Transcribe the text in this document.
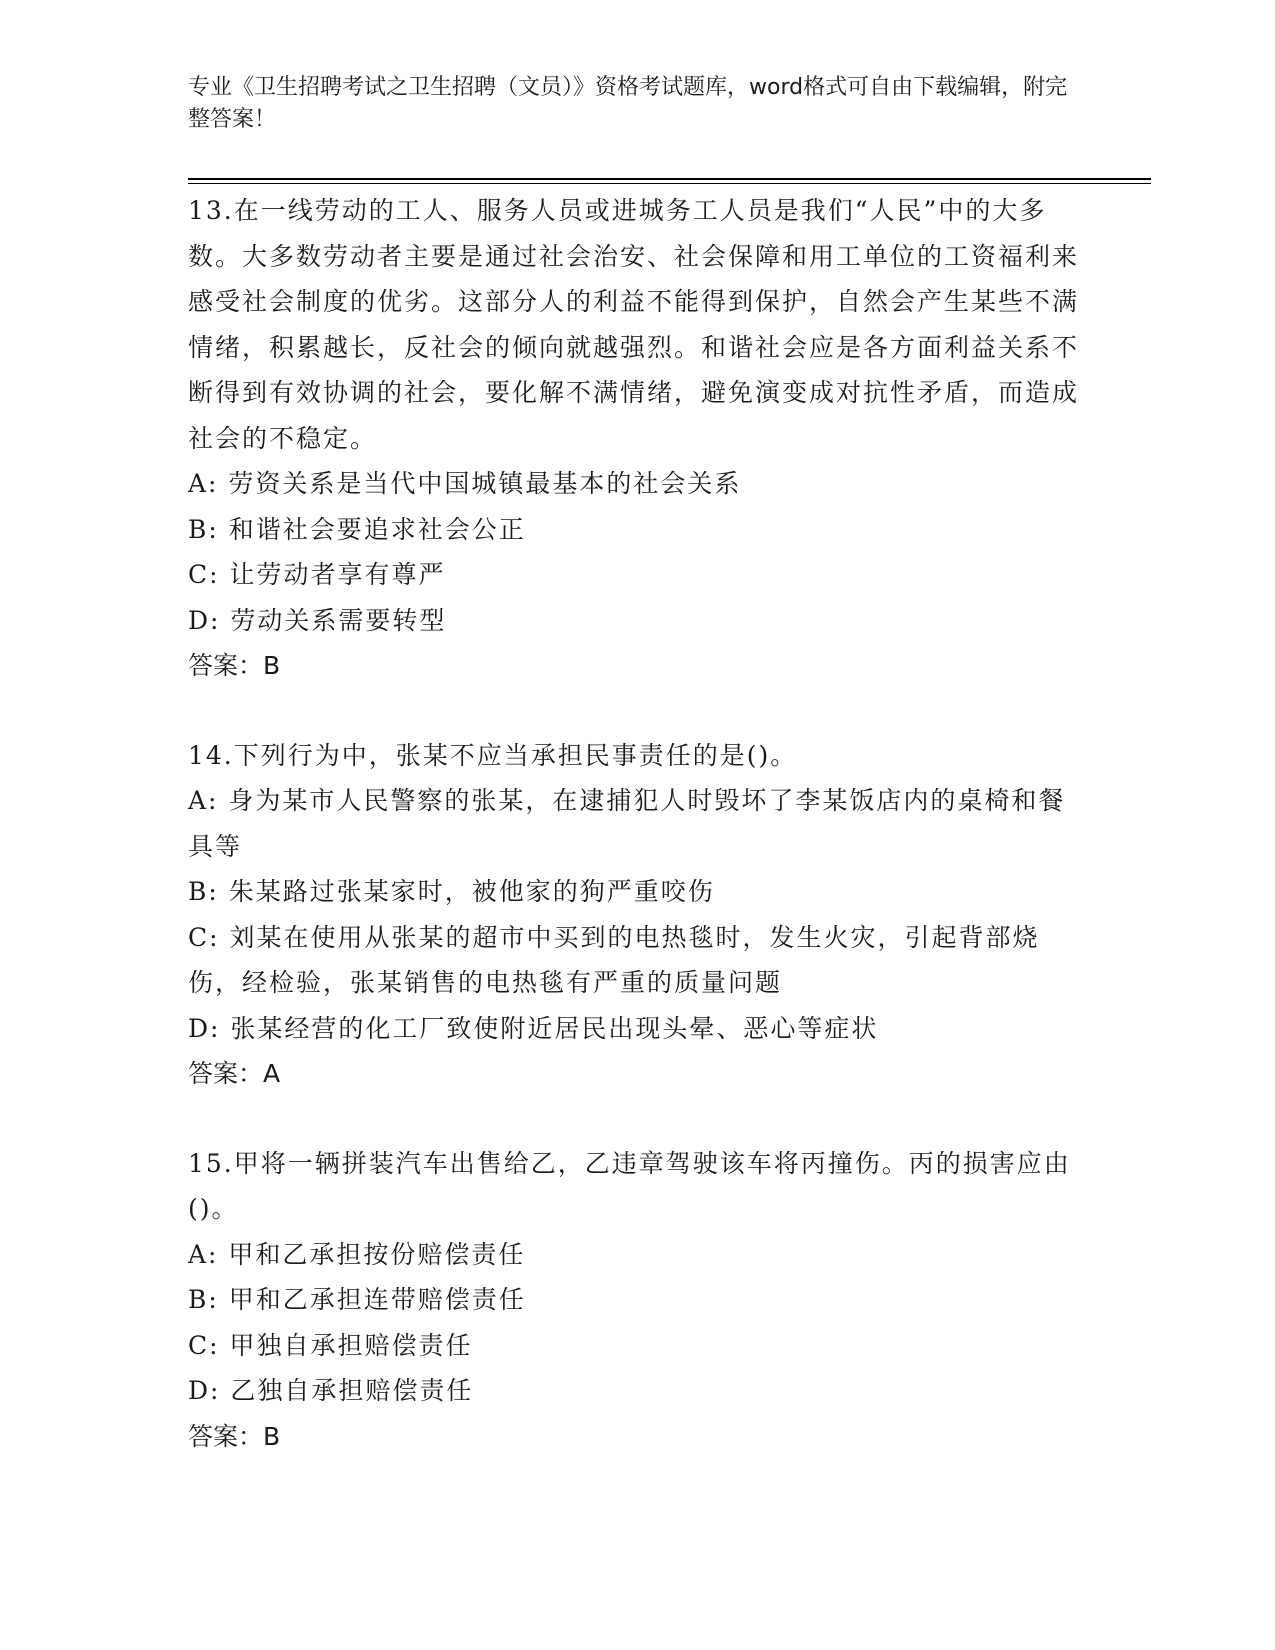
专业《卫生招聘考试之卫生招聘（文员）》资格考试题库，word格式可自由下载编辑，附完整答案！

13.在一线劳动的工人、服务人员或进城务工人员是我们“人民”中的大多数。大多数劳动者主要是通过社会治安、社会保障和用工单位的工资福利来感受社会制度的优劣。这部分人的利益不能得到保护，自然会产生某些不满情绪，积累越长，反社会的倾向就越强烈。和谐社会应是各方面利益关系不断得到有效协调的社会，要化解不满情绪，避免演变成对抗性矛盾，而造成社会的不稳定。

A: 劳资关系是当代中国城镇最基本的社会关系

B: 和谐社会要追求社会公正

C: 让劳动者享有尊严

D: 劳动关系需要转型

答案：B

14.下列行为中，张某不应当承担民事责任的是()。

A: 身为某市人民警察的张某，在逮捕犯人时毁坏了李某饭店内的桌椅和餐具等

B: 朱某路过张某家时，被他家的狗严重咬伤

C: 刘某在使用从张某的超市中买到的电热毯时，发生火灾，引起背部烧伤，经检验，张某销售的电热毯有严重的质量问题

D: 张某经营的化工厂致使附近居民出现头晕、恶心等症状

答案：A

15.甲将一辆拼装汽车出售给乙，乙违章驾驶该车将丙撞伤。丙的损害应由()。

A: 甲和乙承担按份赔偿责任

B: 甲和乙承担连带赔偿责任

C: 甲独自承担赔偿责任

D: 乙独自承担赔偿责任

答案：B
